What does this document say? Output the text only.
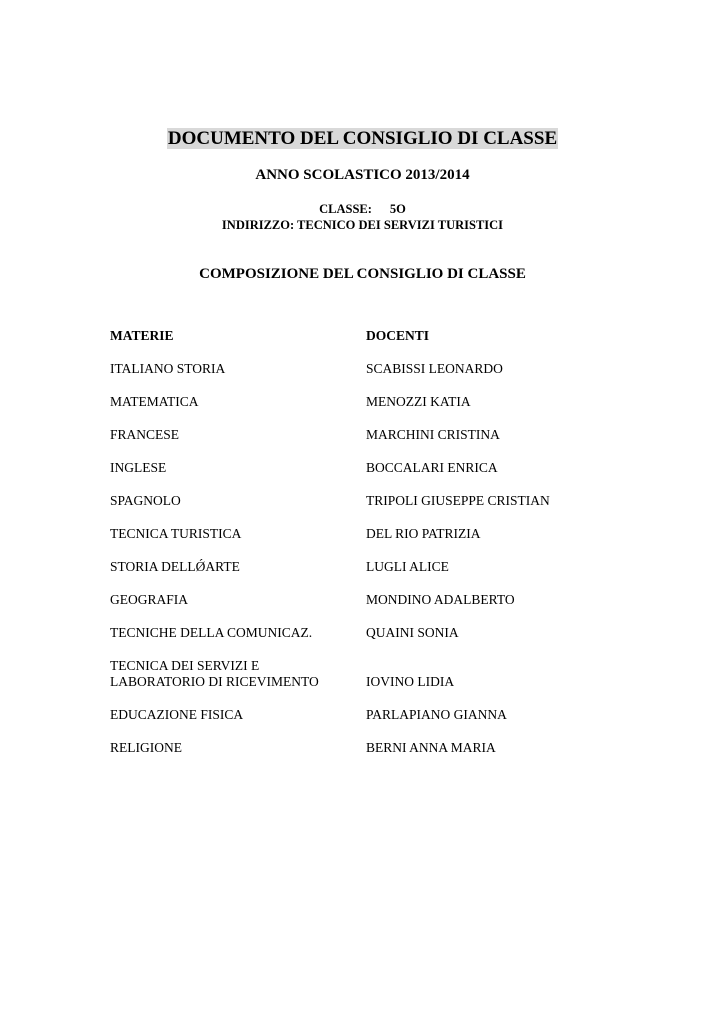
DOCUMENTO DEL CONSIGLIO DI CLASSE
ANNO SCOLASTICO 2013/2014
CLASSE: 5O
INDIRIZZO: TECNICO DEI SERVIZI TURISTICI
COMPOSIZIONE DEL CONSIGLIO DI CLASSE
MATERIE	DOCENTI
ITALIANO STORIA	SCABISSI LEONARDO
MATEMATICA	MENOZZI KATIA
FRANCESE	MARCHINI CRISTINA
INGLESE	BOCCALARI ENRICA
SPAGNOLO	TRIPOLI GIUSEPPE CRISTIAN
TECNICA TURISTICA	DEL RIO PATRIZIA
STORIA DELLǾARTE	LUGLI ALICE
GEOGRAFIA	MONDINO ADALBERTO
TECNICHE DELLA COMUNICAZ.	QUAINI SONIA
TECNICA DEI SERVIZI E
LABORATORIO DI RICEVIMENTO	IOVINO LIDIA
EDUCAZIONE FISICA	PARLAPIANO GIANNA
RELIGIONE	BERNI ANNA MARIA
